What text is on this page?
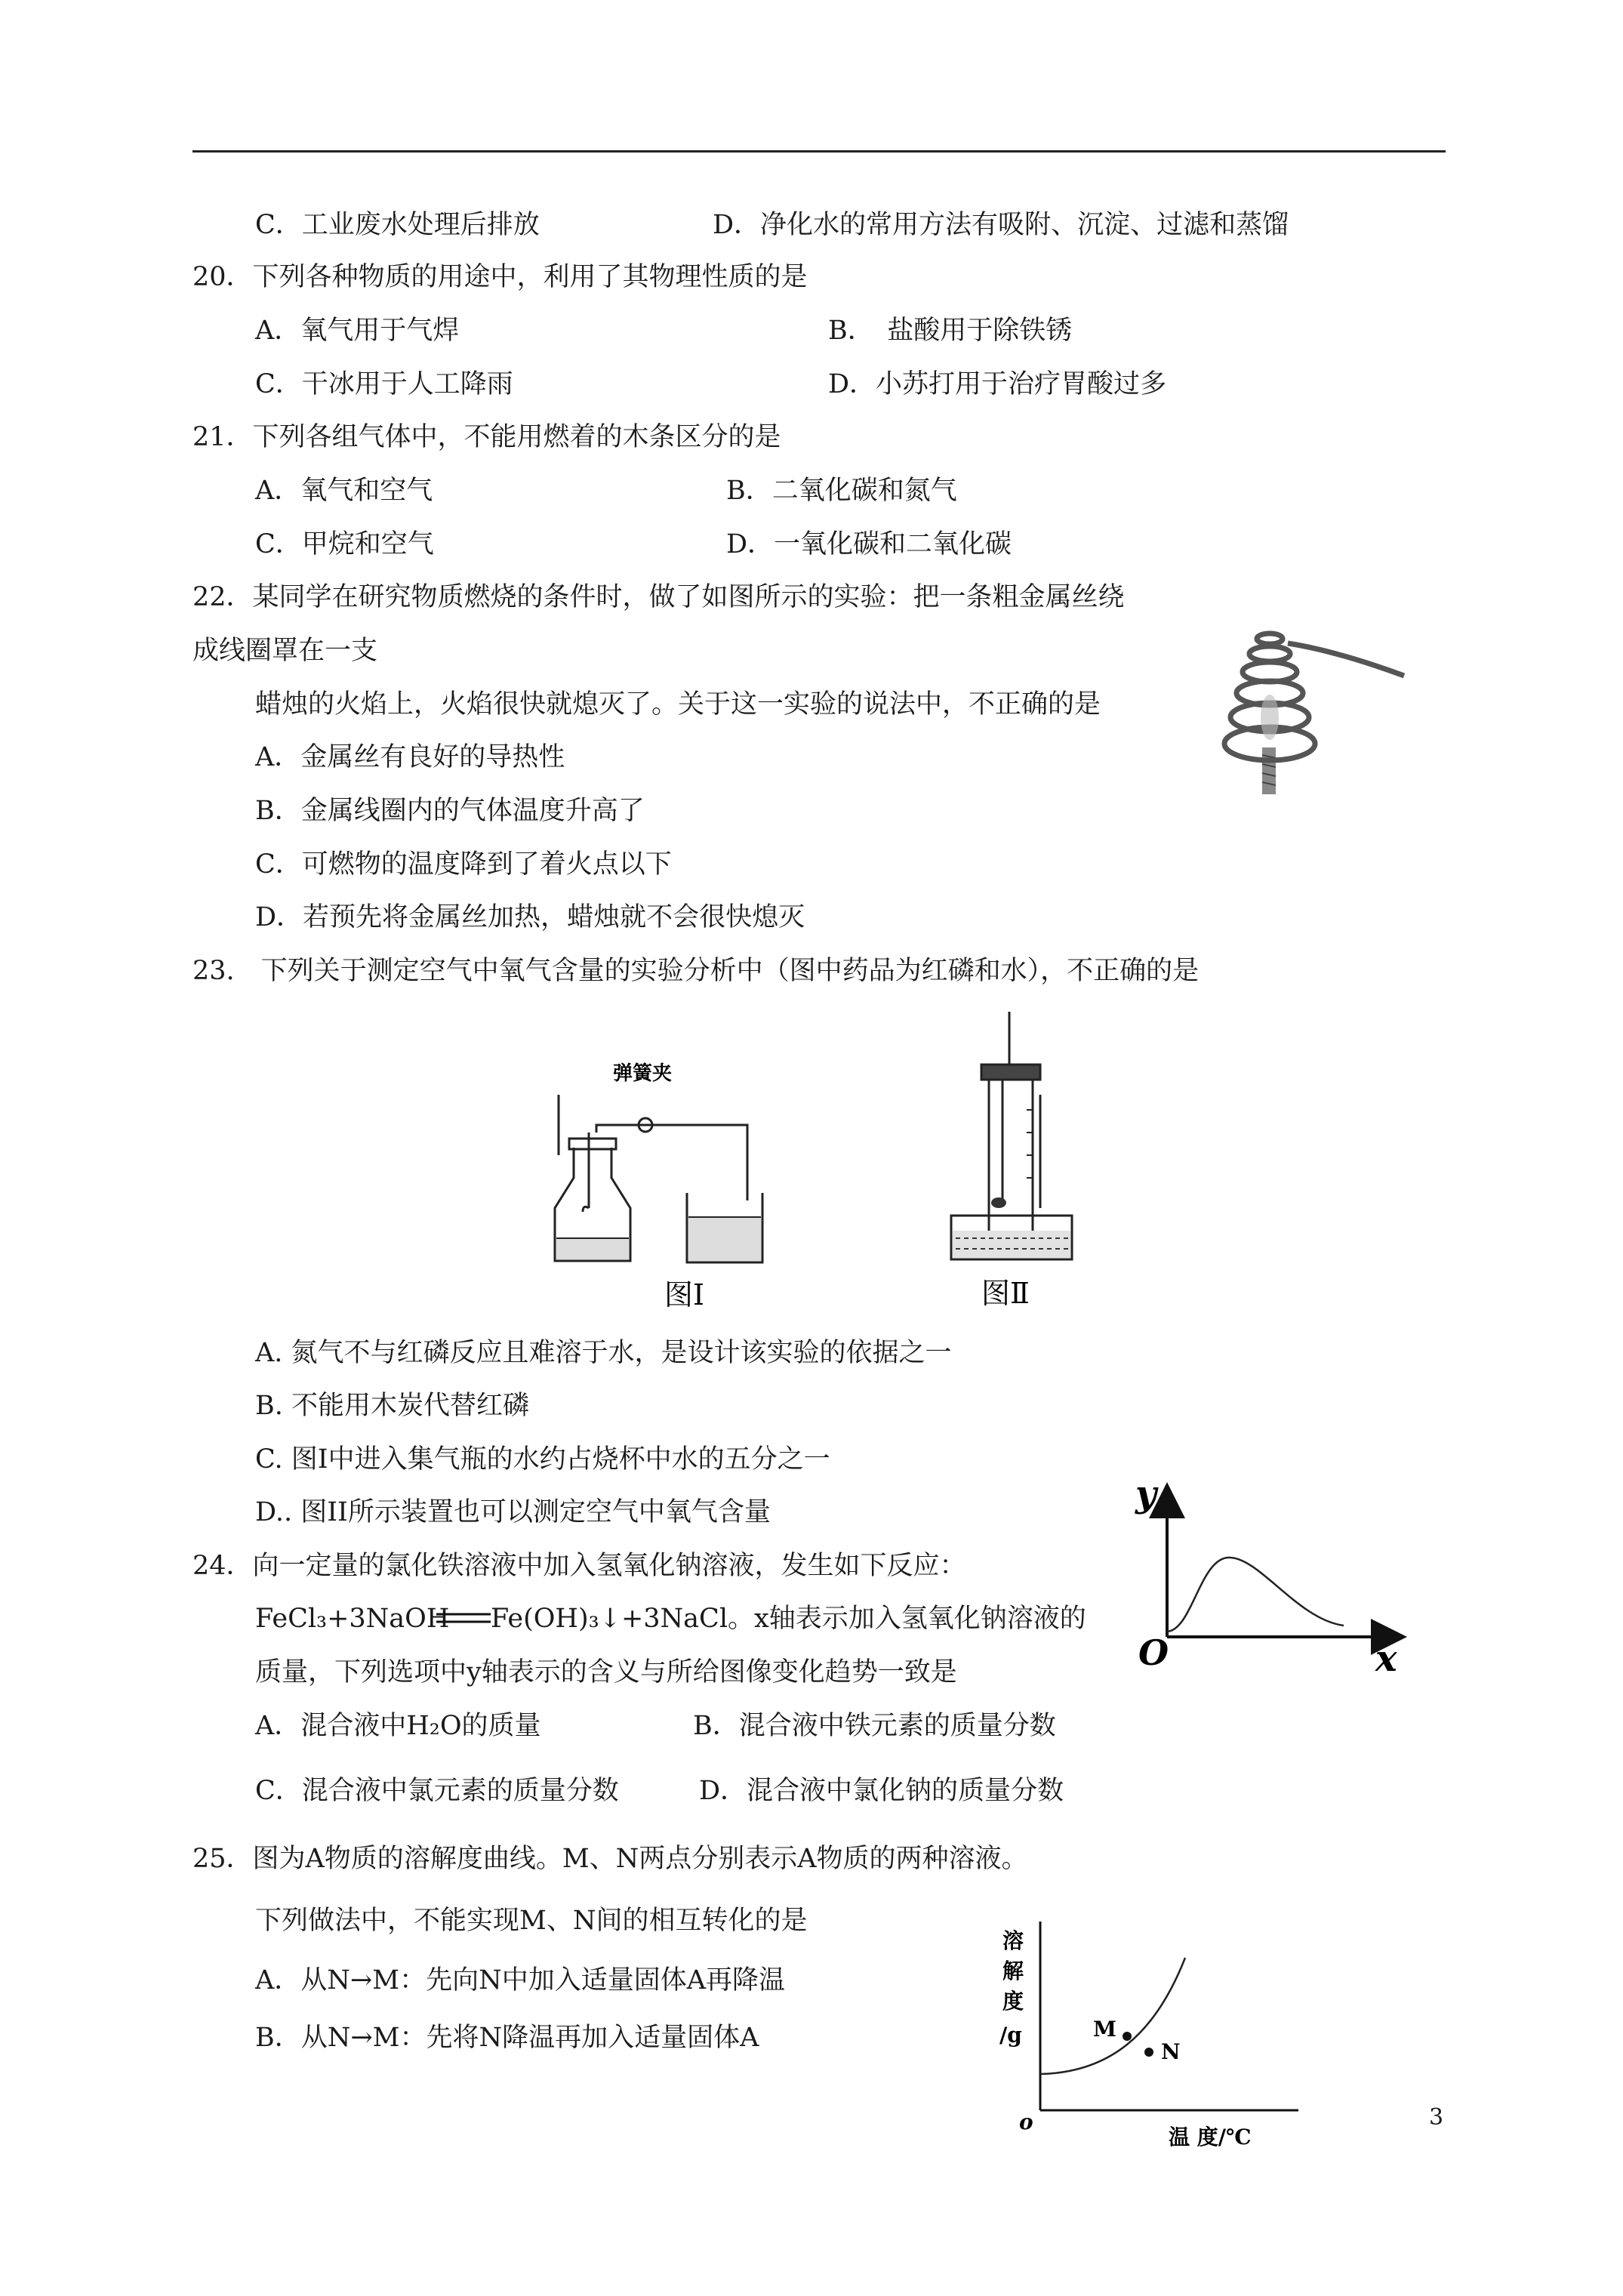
C．工业废水处理后排放	D．净化水的常用方法有吸附、沉淀、过滤和蒸馏
20．下列各种物质的用途中，利用了其物理性质的是
A．氧气用于气焊	B．　盐酸用于除铁锈
C．干冰用于人工降雨	D．小苏打用于治疗胃酸过多
21．下列各组气体中，不能用燃着的木条区分的是
A．氧气和空气	B．二氧化碳和氮气
C．甲烷和空气	D．一氧化碳和二氧化碳
22．某同学在研究物质燃烧的条件时，做了如图所示的实验：把一条粗金属丝绕
成线圈罩在一支
蜡烛的火焰上，火焰很快就熄灭了。关于这一实验的说法中，不正确的是
A．金属丝有良好的导热性
B．金属线圈内的气体温度升高了
C．可燃物的温度降到了着火点以下
D．若预先将金属丝加热，蜡烛就不会很快熄灭
23.　下列关于测定空气中氧气含量的实验分析中（图中药品为红磷和水），不正确的是
弹簧夹
图Ⅰ	图Ⅱ
A. 氮气不与红磷反应且难溶于水，是设计该实验的依据之一
B. 不能用木炭代替红磷
C. 图Ⅰ中进入集气瓶的水约占烧杯中水的五分之一
D.. 图II所示装置也可以测定空气中氧气含量	y
O	x
24．向一定量的氯化铁溶液中加入氢氧化钠溶液，发生如下反应：
FeCl₃+3NaOH Fe(OH)₃↓+3NaCl。x轴表示加入氢氧化钠溶液的
质量，下列选项中y轴表示的含义与所给图像变化趋势一致是
A．混合液中H₂O的质量	B．混合液中铁元素的质量分数
C．混合液中氯元素的质量分数	D．混合液中氯化钠的质量分数
25．图为A物质的溶解度曲线。M、N两点分别表示A物质的两种溶液。
下列做法中，不能实现M、N间的相互转化的是
A．从N→M：先向N中加入适量固体A再降温
B．从N→M：先将N降温再加入适量固体A	M
N
溶
解
度
/g
o
温 度/℃
3
